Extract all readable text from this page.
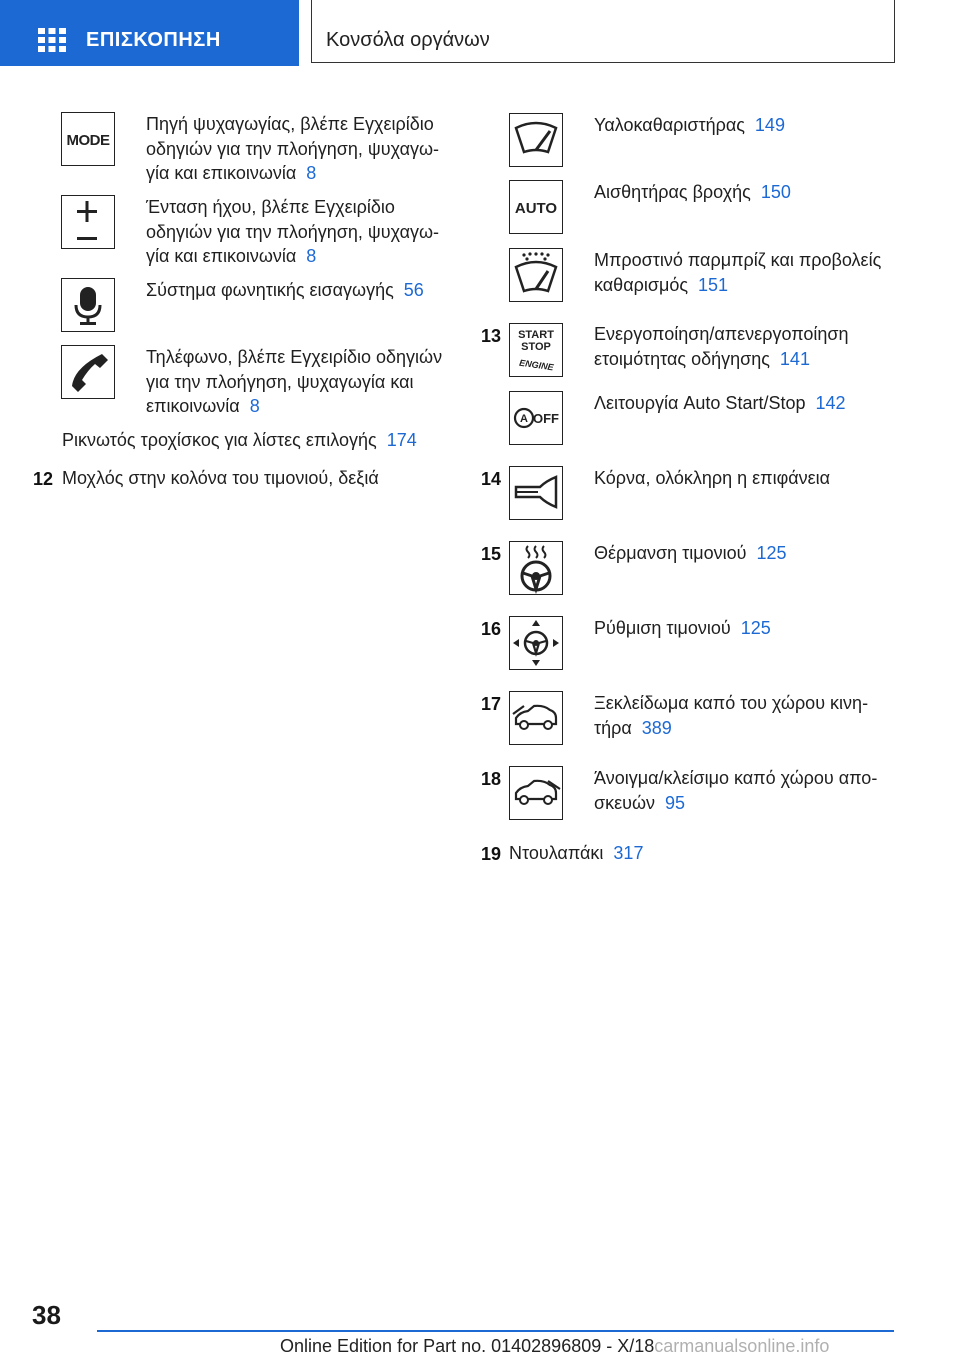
ΕΠΙΣΚΟΠΗΣΗ	Κονσόλα οργάνων
MODE
Πηγή ψυχαγωγίας, βλέπε Εγχειρίδιο οδηγιών για την πλοήγηση, ψυχαγωγία και επικοινωνία 8
Ένταση ήχου, βλέπε Εγχειρίδιο οδηγιών για την πλοήγηση, ψυχαγωγία και επικοινωνία 8
Σύστημα φωνητικής εισαγωγής 56
Τηλέφωνο, βλέπε Εγχειρίδιο οδηγιών για την πλοήγηση, ψυχαγωγία και επικοινωνία 8
Ρικνωτός τροχίσκος για λίστες επιλογής 174
12 Μοχλός στην κολόνα του τιμονιού, δεξιά
Υαλοκαθαριστήρας 149
AUTO
Αισθητήρας βροχής 150
Μπροστινό παρμπρίζ και προβολείς καθαρισμός 151
13 START
STOP
ENGINE
Ενεργοποίηση/απενεργοποίηση ετοιμότητας οδήγησης 141
A OFF
Λειτουργία Auto Start/Stop 142
14	Κόρνα, ολόκληρη η επιφάνεια
15	Θέρμανση τιμονιού 125
16	Ρύθμιση τιμονιού 125
17	Ξεκλείδωμα καπό του χώρου κινητήρα 389
18	Άνοιγμα/κλείσιμο καπό χώρου αποσκευών 95
19 Ντουλαπάκι 317
38
Online Edition for Part no. 01402896809 - X/18carmanualsonline.info
